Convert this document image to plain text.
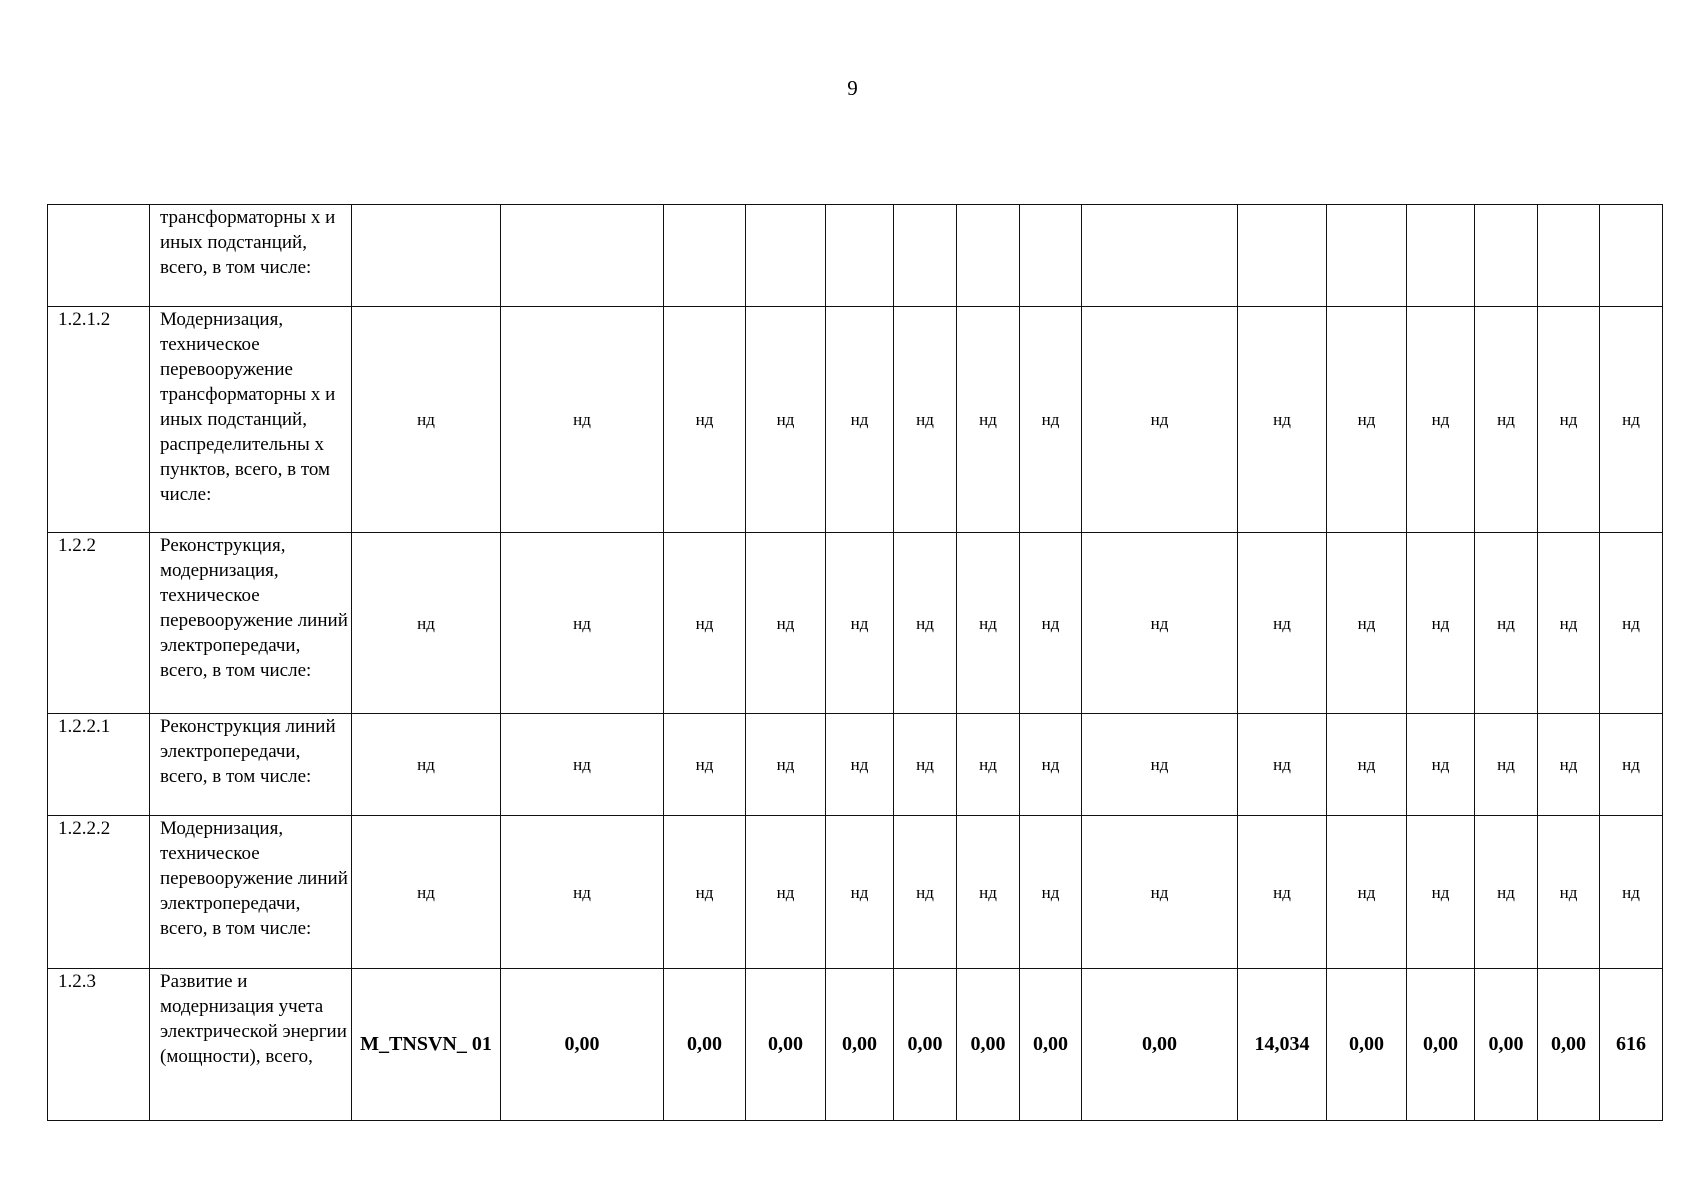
9
	трансформаторны х и иных подстанций, всего, в том числе:															
1.2.1.2	Модернизация, техническое перевооружение трансформаторны х и иных подстанций, распределительны х пунктов, всего, в том числе:	нд	нд	нд	нд	нд	нд	нд	нд	нд	нд	нд	нд	нд	нд	нд
1.2.2	Реконструкция, модернизация, техническое перевооружение линий электропередачи, всего, в том числе:	нд	нд	нд	нд	нд	нд	нд	нд	нд	нд	нд	нд	нд	нд	нд
1.2.2.1	Реконструкция линий электропередачи, всего, в том числе:	нд	нд	нд	нд	нд	нд	нд	нд	нд	нд	нд	нд	нд	нд	нд
1.2.2.2	Модернизация, техническое перевооружение линий электропередачи, всего, в том числе:	нд	нд	нд	нд	нд	нд	нд	нд	нд	нд	нд	нд	нд	нд	нд
1.2.3	Развитие и модернизация учета электрической энергии (мощности), всего,	M_TNSVN_ 01	0,00	0,00	0,00	0,00	0,00	0,00	0,00	0,00	14,034	0,00	0,00	0,00	0,00	616
